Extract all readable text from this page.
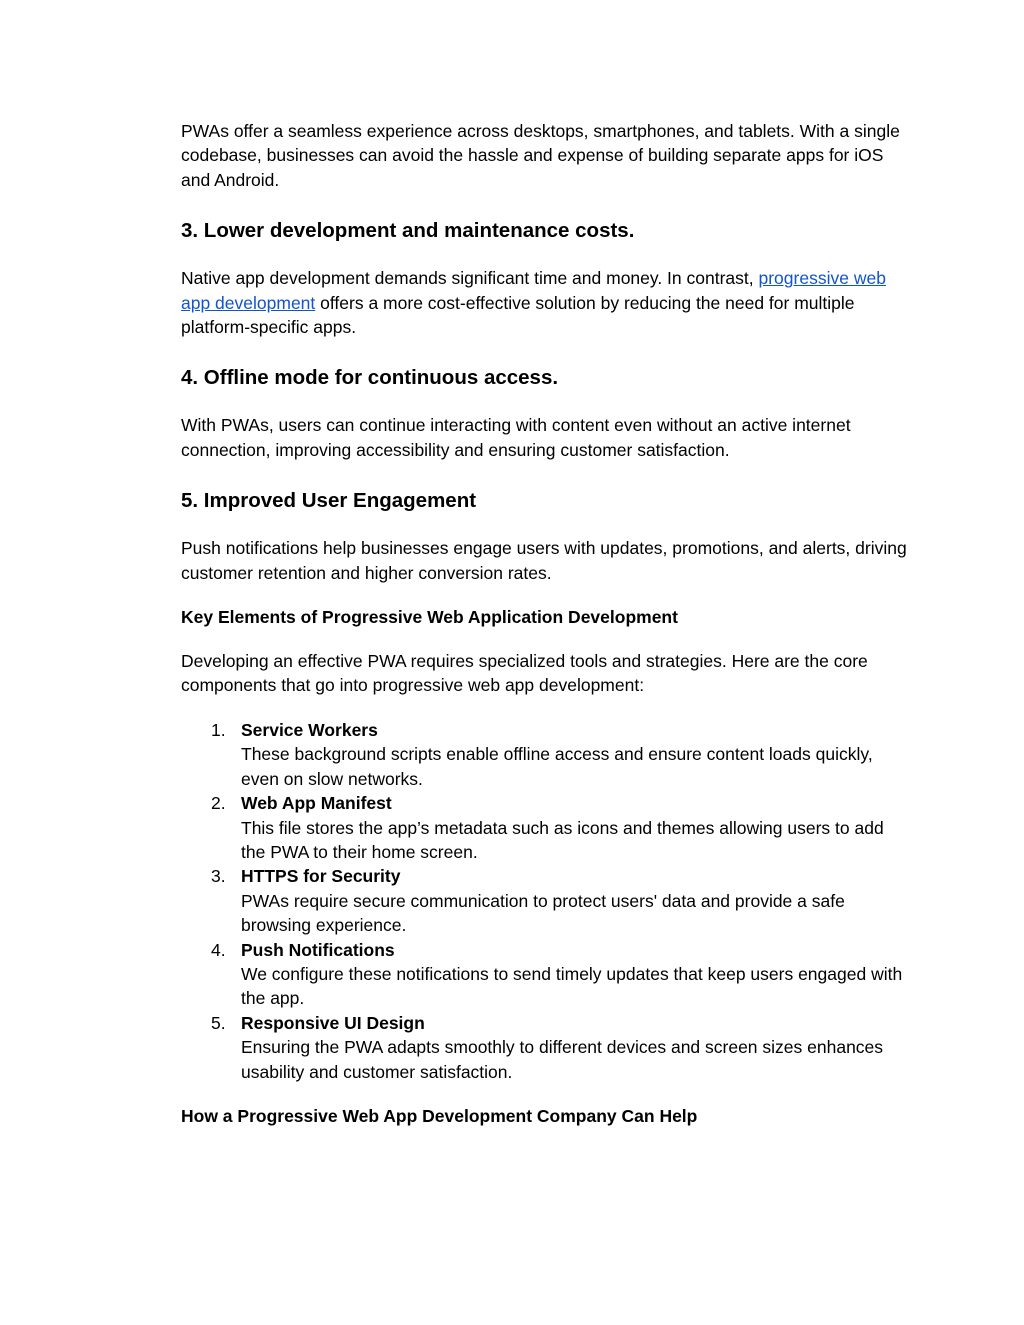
PWAs offer a seamless experience across desktops, smartphones, and tablets. With a single codebase, businesses can avoid the hassle and expense of building separate apps for iOS and Android.

3. Lower development and maintenance costs.

Native app development demands significant time and money. In contrast, progressive web app development offers a more cost-effective solution by reducing the need for multiple platform-specific apps.

4. Offline mode for continuous access.

With PWAs, users can continue interacting with content even without an active internet connection, improving accessibility and ensuring customer satisfaction.

5. Improved User Engagement

Push notifications help businesses engage users with updates, promotions, and alerts, driving customer retention and higher conversion rates.

Key Elements of Progressive Web Application Development

Developing an effective PWA requires specialized tools and strategies. Here are the core components that go into progressive web app development:

1. Service Workers
These background scripts enable offline access and ensure content loads quickly, even on slow networks.
2. Web App Manifest
This file stores the app’s metadata such as icons and themes allowing users to add the PWA to their home screen.
3. HTTPS for Security
PWAs require secure communication to protect users' data and provide a safe browsing experience.
4. Push Notifications
We configure these notifications to send timely updates that keep users engaged with the app.
5. Responsive UI Design
Ensuring the PWA adapts smoothly to different devices and screen sizes enhances usability and customer satisfaction.
How a Progressive Web App Development Company Can Help
